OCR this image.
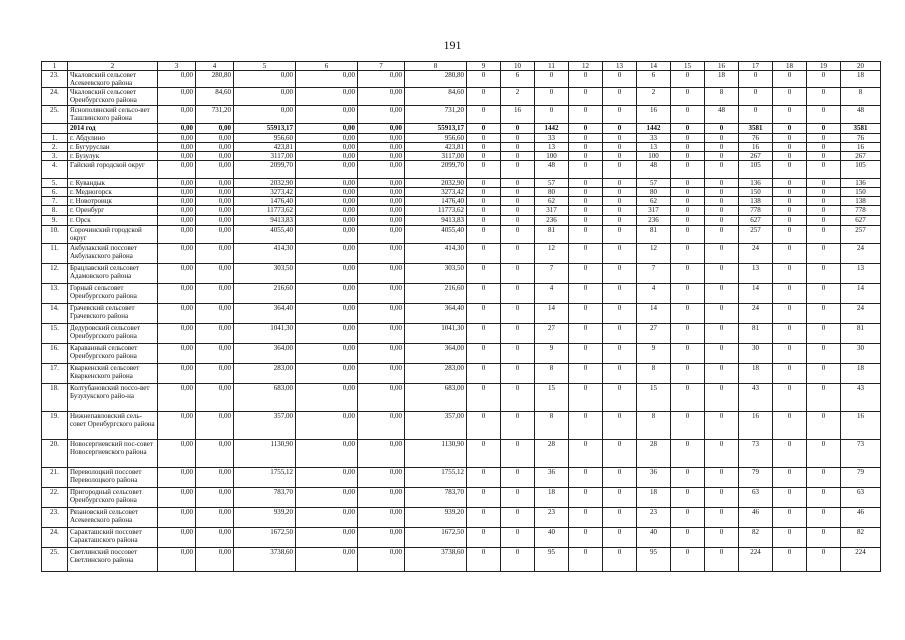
191
1	2	3	4	5	6	7	8	9	10	11	12	13	14	15	16	17	18	19	20
23.	Чкаловский сельсовет Асекеевского района	0,00	280,80	0,00	0,00	0,00	280,80	0	6	0	0	0	6	0	18	0	0	0	18
24.	Чкаловский сельсовет Оренбургского района	0,00	84,60	0,00	0,00	0,00	84,60	0	2	0	0	0	2	0	8	0	0	0	8
25.	Яснополянский сельсо-вет Ташлинского района	0,00	731,20	0,00	0,00	0,00	731,20	0	16	0	0	0	16	0	48	0	0	0	48
	2014 год	0,00	0,00	55913,17	0,00	0,00	55913,17	0	0	1442	0	0	1442	0	0	3581	0	0	3581
1.	г. Абдулино	0,00	0,00	956,60	0,00	0,00	956,60	0	0	33	0	0	33	0	0	76	0	0	76
2.	г. Бугуруслан	0,00	0,00	423,81	0,00	0,00	423,81	0	0	13	0	0	13	0	0	16	0	0	16
3.	г. Бузулук	0,00	0,00	3117,00	0,00	0,00	3117,00	0	0	100	0	0	100	0	0	267	0	0	267
4.	Гайский городской округ	0,00	0,00	2099,70	0,00	0,00	2099,70	0	0	48	0	0	48	0	0	105	0	0	105
5.	г. Кувандык	0,00	0,00	2032,90	0,00	0,00	2032,90	0	0	57	0	0	57	0	0	136	0	0	136
6.	г. Медногорск	0,00	0,00	3273,42	0,00	0,00	3273,42	0	0	80	0	0	80	0	0	150	0	0	150
7.	г. Новотроицк	0,00	0,00	1476,40	0,00	0,00	1476,40	0	0	62	0	0	62	0	0	138	0	0	138
8.	г. Оренбург	0,00	0,00	11773,62	0,00	0,00	11773,62	0	0	317	0	0	317	0	0	778	0	0	778
9.	г. Орск	0,00	0,00	9413,83	0,00	0,00	9413,83	0	0	236	0	0	236	0	0	627	0	0	627
10.	Сорочинский городской округ	0,00	0,00	4055,40	0,00	0,00	4055,40	0	0	81	0	0	81	0	0	257	0	0	257
11.	Акбулакский поссовет Акбулакского района	0,00	0,00	414,30	0,00	0,00	414,30	0	0	12	0	0	12	0	0	24	0	0	24
12.	Брацлавский сельсовет Адамовского района	0,00	0,00	303,50	0,00	0,00	303,50	0	0	7	0	0	7	0	0	13	0	0	13
13.	Горный сельсовет Оренбургского района	0,00	0,00	216,60	0,00	0,00	216,60	0	0	4	0	0	4	0	0	14	0	0	14
14.	Грачевский сельсовет Грачевского района	0,00	0,00	364,40	0,00	0,00	364,40	0	0	14	0	0	14	0	0	24	0	0	24
15.	Дедуровский сельсовет Оренбургского района	0,00	0,00	1041,30	0,00	0,00	1041,30	0	0	27	0	0	27	0	0	81	0	0	81
16.	Караванный сельсовет Оренбургского района	0,00	0,00	364,00	0,00	0,00	364,00	0	0	9	0	0	9	0	0	30	0	0	30
17.	Кваркенский сельсовет Кваркенского района	0,00	0,00	283,00	0,00	0,00	283,00	0	0	8	0	0	8	0	0	18	0	0	18
18.	Колтубановский поссо-вет Бузулукского райо-на	0,00	0,00	683,00	0,00	0,00	683,00	0	0	15	0	0	15	0	0	43	0	0	43
19.	Нижнепавловский сель-совет Оренбургского района	0,00	0,00	357,00	0,00	0,00	357,00	0	0	8	0	0	8	0	0	16	0	0	16
20.	Новосергиевский пос-совет Новосергиевского района	0,00	0,00	1130,90	0,00	0,00	1130,90	0	0	28	0	0	28	0	0	73	0	0	73
21.	Переволоцкий поссовет Переволоцкого района	0,00	0,00	1755,12	0,00	0,00	1755,12	0	0	36	0	0	36	0	0	79	0	0	79
22.	Пригородный сельсовет Оренбургского района	0,00	0,00	783,70	0,00	0,00	783,70	0	0	18	0	0	18	0	0	63	0	0	63
23.	Рязановский сельсовет Асекеевского района	0,00	0,00	939,20	0,00	0,00	939,20	0	0	23	0	0	23	0	0	46	0	0	46
24.	Саракташский поссовет Саракташского района	0,00	0,00	1672,50	0,00	0,00	1672,50	0	0	40	0	0	40	0	0	82	0	0	82
25.	Светлинский поссовет Светлинского района	0,00	0,00	3738,60	0,00	0,00	3738,60	0	0	95	0	0	95	0	0	224	0	0	224
